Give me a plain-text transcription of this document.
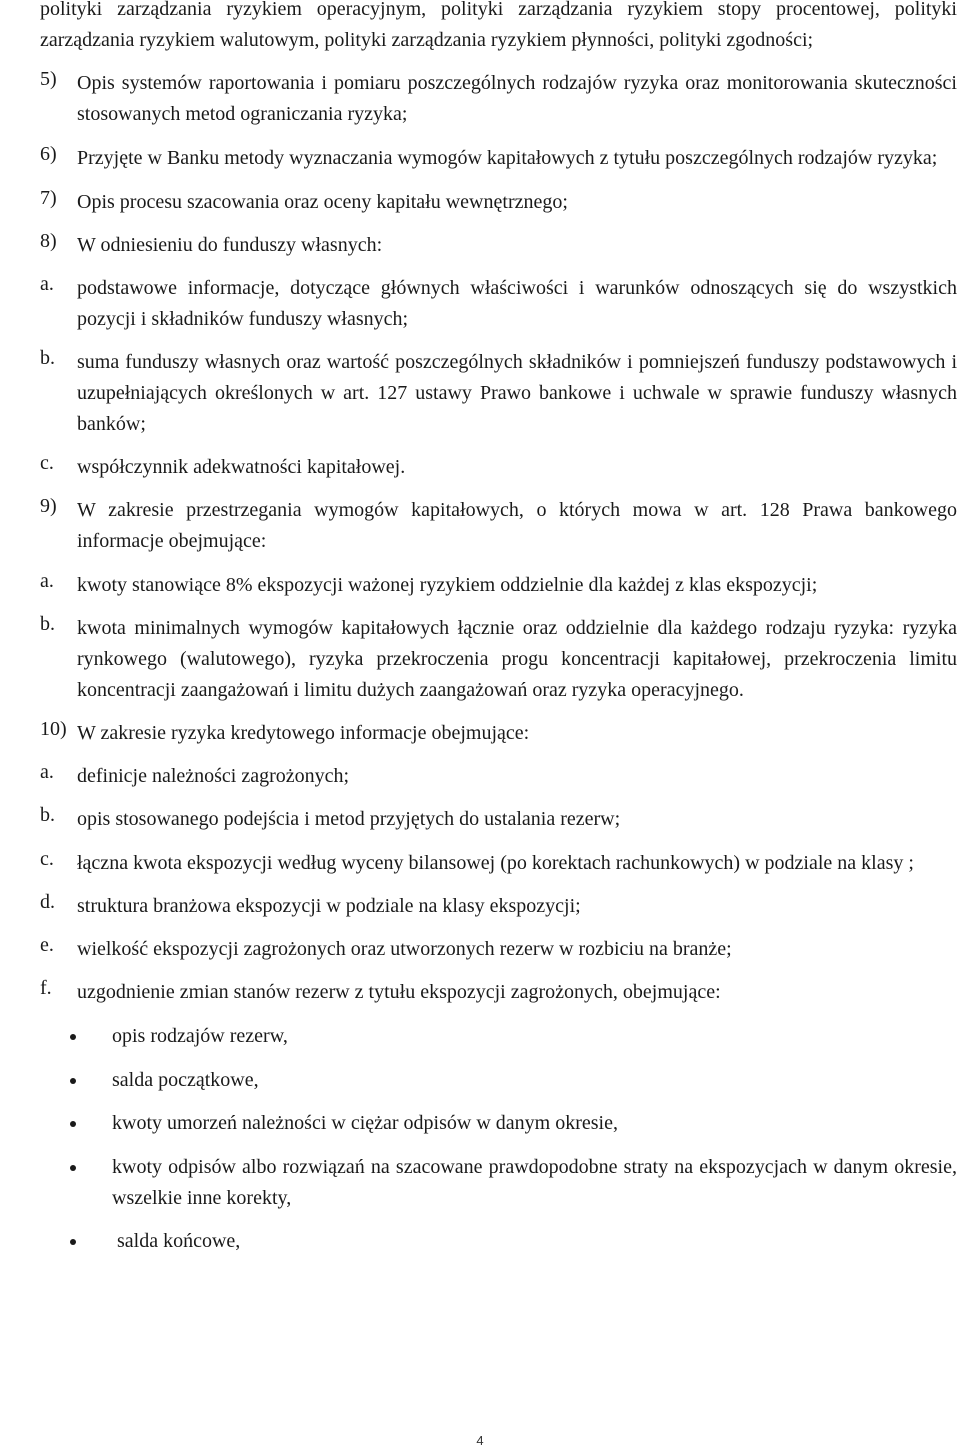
polityki zarządzania ryzykiem operacyjnym, polityki zarządzania ryzykiem stopy procentowej, polityki zarządzania ryzykiem walutowym, polityki zarządzania ryzykiem płynności, polityki zgodności;
5)	Opis systemów raportowania i pomiaru poszczególnych rodzajów ryzyka oraz monitorowania skuteczności stosowanych metod ograniczania ryzyka;
6)	Przyjęte w Banku metody wyznaczania wymogów kapitałowych z tytułu poszczególnych rodzajów ryzyka;
7)	Opis procesu szacowania oraz oceny kapitału wewnętrznego;
8)	W odniesieniu do funduszy własnych:
a.	podstawowe informacje, dotyczące głównych właściwości i warunków odnoszących się do wszystkich pozycji i składników funduszy własnych;
b.	suma funduszy własnych oraz wartość poszczególnych składników i pomniejszeń funduszy podstawowych i uzupełniających określonych w art. 127 ustawy Prawo bankowe i uchwale w sprawie funduszy własnych banków;
c.	współczynnik adekwatności kapitałowej.
9)	W zakresie przestrzegania wymogów kapitałowych, o których mowa w art. 128 Prawa bankowego informacje obejmujące:
a.	kwoty stanowiące 8% ekspozycji ważonej ryzykiem oddzielnie dla każdej z klas ekspozycji;
b.	kwota minimalnych wymogów kapitałowych łącznie oraz oddzielnie dla każdego rodzaju ryzyka: ryzyka rynkowego (walutowego), ryzyka przekroczenia progu koncentracji kapitałowej, przekroczenia limitu koncentracji zaangażowań i limitu dużych zaangażowań oraz ryzyka operacyjnego.
10) W zakresie ryzyka kredytowego informacje obejmujące:
a.	definicje należności zagrożonych;
b.	opis stosowanego podejścia i metod przyjętych do ustalania rezerw;
c.	łączna kwota ekspozycji według wyceny bilansowej (po korektach rachunkowych) w podziale na klasy ;
d.	struktura branżowa ekspozycji w podziale na klasy ekspozycji;
e.	wielkość ekspozycji zagrożonych oraz utworzonych rezerw w rozbiciu na branże;
f.	uzgodnienie zmian stanów rezerw z tytułu ekspozycji zagrożonych, obejmujące:
opis rodzajów rezerw,
salda początkowe,
kwoty umorzeń należności w ciężar odpisów w danym okresie,
kwoty odpisów albo rozwiązań na szacowane prawdopodobne straty na ekspozycjach w danym okresie, wszelkie inne korekty,
salda końcowe,
4
